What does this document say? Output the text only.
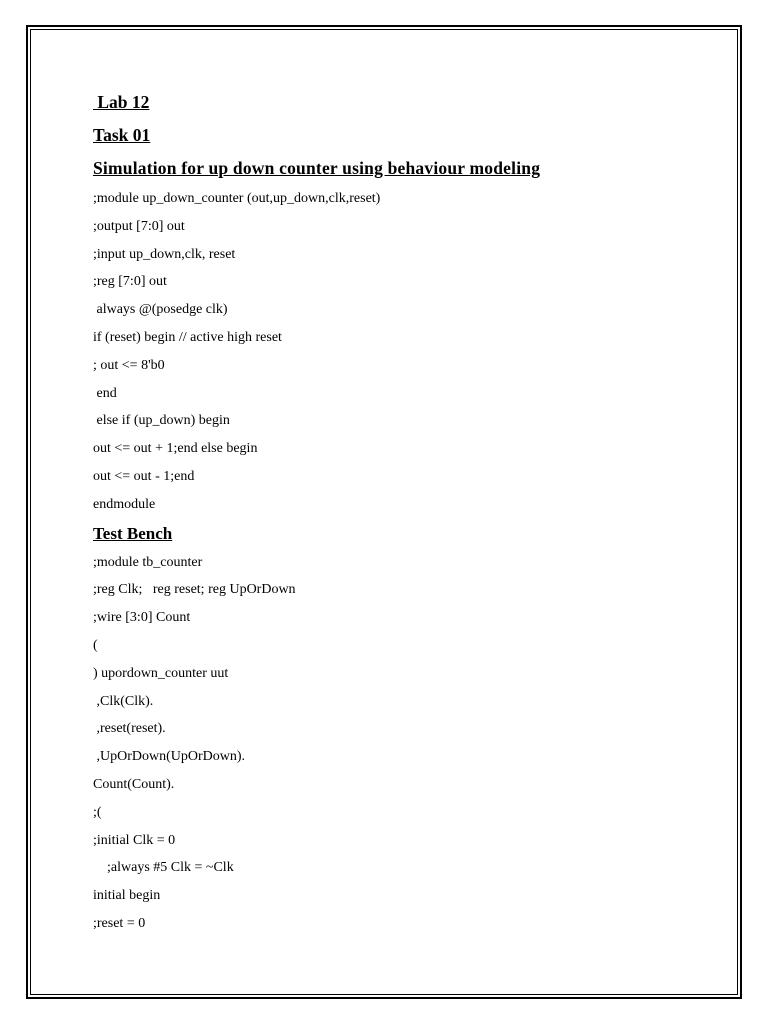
Lab 12
Task 01
Simulation for up down counter using behaviour modeling
;module up_down_counter (out,up_down,clk,reset)
;output [7:0] out
;input up_down,clk, reset
;reg [7:0] out
always @(posedge clk)
if (reset) begin // active high reset
; out <= 8'b0
end
else if (up_down) begin
out <= out + 1;end else begin
out <= out - 1;end
endmodule
Test Bench
;module tb_counter
;reg Clk;   reg reset; reg UpOrDown
;wire [3:0] Count
(
) upordown_counter uut
,Clk(Clk).
,reset(reset).
,UpOrDown(UpOrDown).
Count(Count).
;(
;initial Clk = 0
;always #5 Clk = ~Clk
initial begin
;reset = 0
